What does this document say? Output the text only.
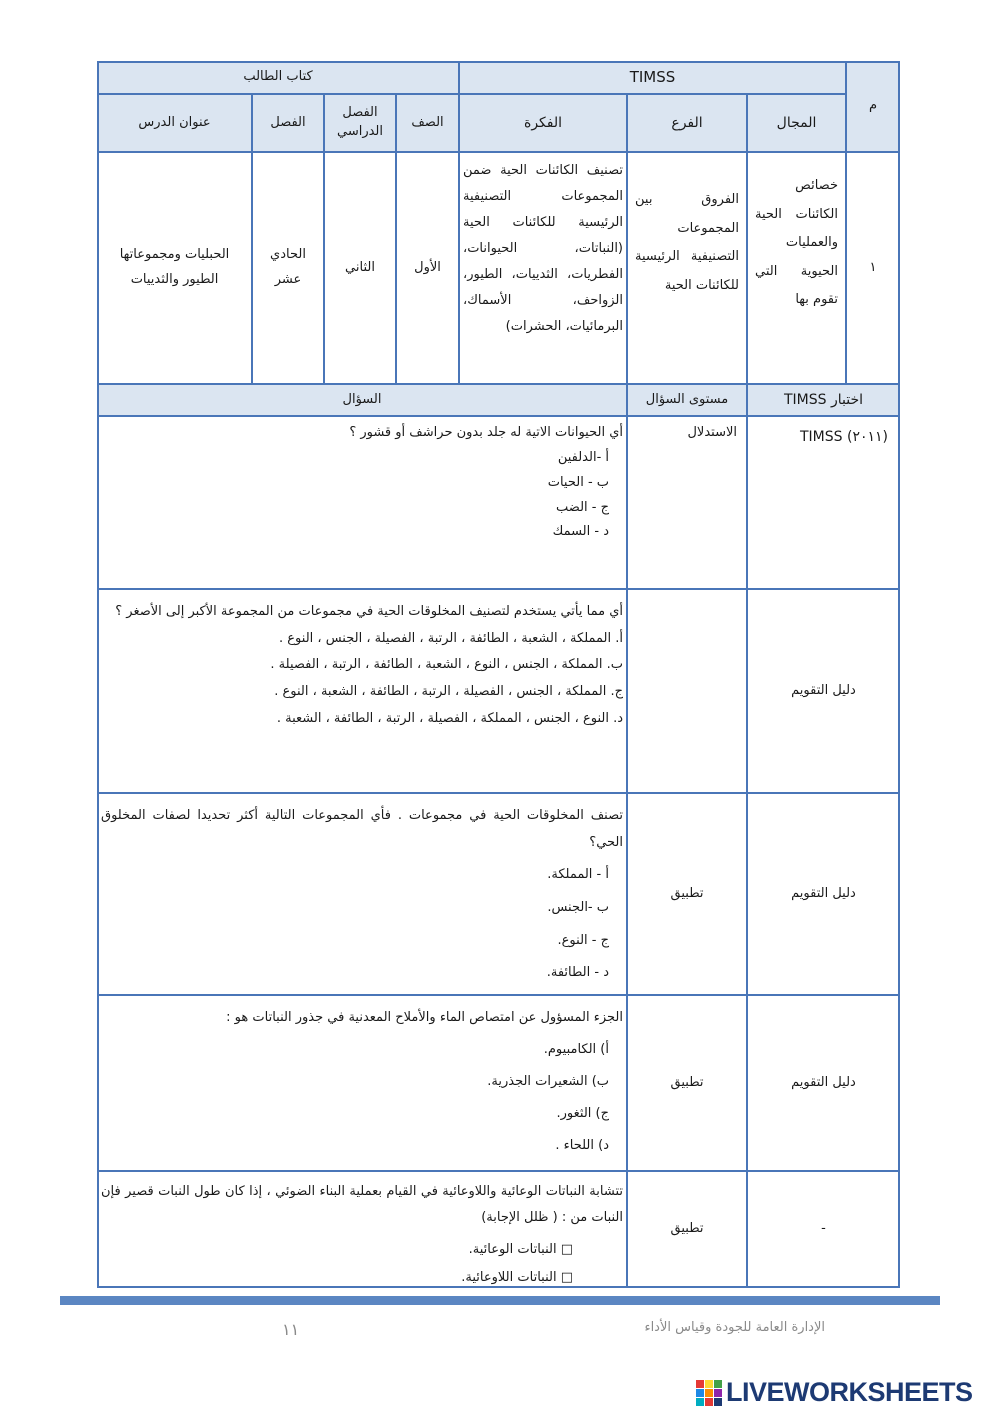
م
TIMSS
كتاب الطالب
المجال
الفرع
الفكرة
الصف
الفصل الدراسي
الفصل
عنوان الدرس
١
خصائص الكائنات الحية والعمليات الحيوية التي تقوم بها
الفروق بين المجموعات التصنيفية الرئيسية للكائنات الحية
تصنيف الكائنات الحية ضمن المجموعات التصنيفية الرئيسية للكائنات الحية (النباتات، الحيوانات، الفطريات، الثدييات، الطيور، الزواحف، الأسماك، البرمائيات، الحشرات)
الأول
الثاني
الحادي عشر
الحبليات ومجموعاتها الطيور والثدييات
اختبار TIMSS
مستوى السؤال
السؤال
(٢٠١١) TIMSS
الاستدلال
أي الحيوانات الاتية له جلد بدون حراشف أو قشور ؟
أ -الدلفين
ب - الحيات
ج - الضب
د - السمك
دليل التقويم
أي مما يأتي يستخدم لتصنيف المخلوقات الحية في مجموعات من المجموعة الأكبر إلى الأصغر ؟
أ. المملكة ، الشعبة ، الطائفة ، الرتبة ، الفصيلة ، الجنس ، النوع .
ب. المملكة ، الجنس ، النوع ، الشعبة ، الطائفة ، الرتبة ، الفصيلة .
ج. المملكة ، الجنس ، الفصيلة ، الرتبة ، الطائفة ، الشعبة ، النوع .
د. النوع ، الجنس ، المملكة ، الفصيلة ، الرتبة ، الطائفة ، الشعبة .
دليل التقويم
تطبيق
تصنف المخلوقات الحية في مجموعات . فأي المجموعات التالية أكثر تحديدا لصفات المخلوق الحي؟
أ - المملكة.
ب -الجنس.
ج - النوع.
د - الطائفة.
دليل التقويم
تطبيق
الجزء المسؤول عن امتصاص الماء والأملاح المعدنية في جذور النباتات هو :
أ) الكامبيوم.
ب) الشعيرات الجذرية.
ج) الثغور.
د) اللحاء .
-
تطبيق
تتشابة النباتات الوعائية واللاوعائية في القيام بعملية البناء الضوئي ، إذا كان طول النبات قصير فإن النبات من : ( ظلل الإجابة)
□ النباتات الوعائية.
□ النباتات اللاوعائية.
١١	الإدارة العامة للجودة وقياس الأداء
LIVEWORKSHEETS
